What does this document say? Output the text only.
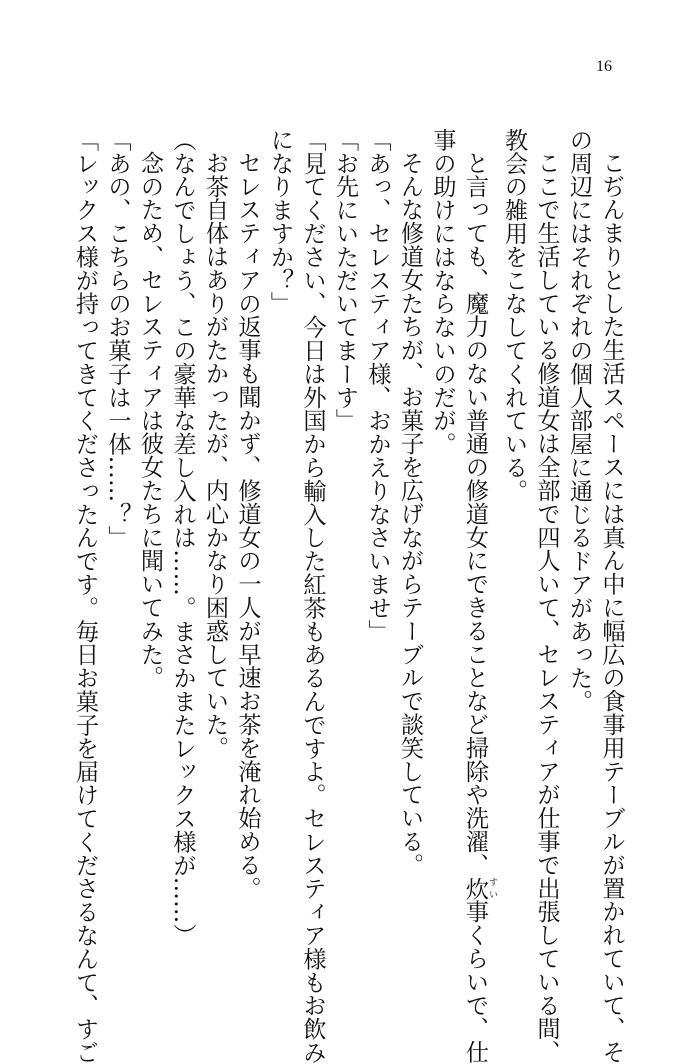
16
こぢんまりとした生活スペースには真ん中に幅広の食事用テーブルが置かれていて、そ
の周辺にはそれぞれの個人部屋に通じるドアがあった。
ここで生活している修道女は全部で四人いて、セレスティアが仕事で出張している間、
教会の雑用をこなしてくれている。
と言っても、魔力のない普通の修道女にできることなど掃除や洗濯、炊すい事くらいで、仕
事の助けにはならないのだが。
そんな修道女たちが、お菓子を広げながらテーブルで談笑している。
「あっ、セレスティア様、おかえりなさいませ」
「お先にいただいてまーす」
「見てください、今日は外国から輸入した紅茶もあるんですよ。セレスティア様もお飲み
になりますか？」
セレスティアの返事も聞かず、修道女の一人が早速お茶を淹れ始める。
お茶自体はありがたかったが、内心かなり困惑していた。
（なんでしょう、この豪華な差し入れは……。まさかまたレックス様が……）
念のため、セレスティアは彼女たちに聞いてみた。
「あの、こちらのお菓子は一体……？」
「レックス様が持ってきてくださったんです。毎日お菓子を届けてくださるなんて、すご
